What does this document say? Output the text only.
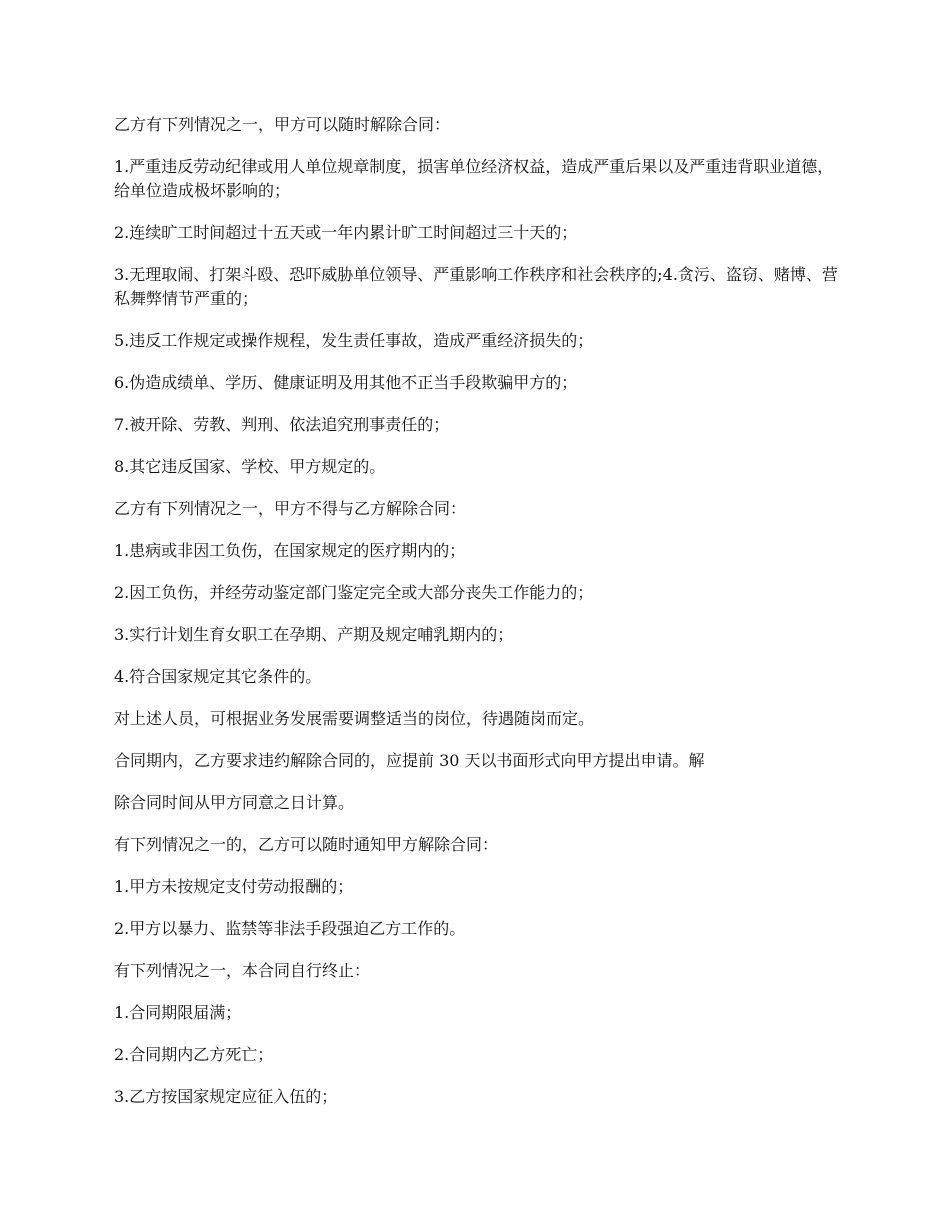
乙方有下列情况之一，甲方可以随时解除合同：

1.严重违反劳动纪律或用人单位规章制度，损害单位经济权益，造成严重后果以及严重违背职业道德，给单位造成极坏影响的；

2.连续旷工时间超过十五天或一年内累计旷工时间超过三十天的；

3.无理取闹、打架斗殴、恐吓威胁单位领导、严重影响工作秩序和社会秩序的;4.贪污、盗窃、赌博、营私舞弊情节严重的；

5.违反工作规定或操作规程，发生责任事故，造成严重经济损失的；

6.伪造成绩单、学历、健康证明及用其他不正当手段欺骗甲方的；

7.被开除、劳教、判刑、依法追究刑事责任的；

8.其它违反国家、学校、甲方规定的。

乙方有下列情况之一，甲方不得与乙方解除合同：

1.患病或非因工负伤，在国家规定的医疗期内的；

2.因工负伤，并经劳动鉴定部门鉴定完全或大部分丧失工作能力的；

3.实行计划生育女职工在孕期、产期及规定哺乳期内的；

4.符合国家规定其它条件的。

对上述人员，可根据业务发展需要调整适当的岗位，待遇随岗而定。

合同期内，乙方要求违约解除合同的，应提前 30 天以书面形式向甲方提出申请。解

除合同时间从甲方同意之日计算。

有下列情况之一的，乙方可以随时通知甲方解除合同：

1.甲方未按规定支付劳动报酬的；

2.甲方以暴力、监禁等非法手段强迫乙方工作的。

有下列情况之一，本合同自行终止：

1.合同期限届满；

2.合同期内乙方死亡；

3.乙方按国家规定应征入伍的；
